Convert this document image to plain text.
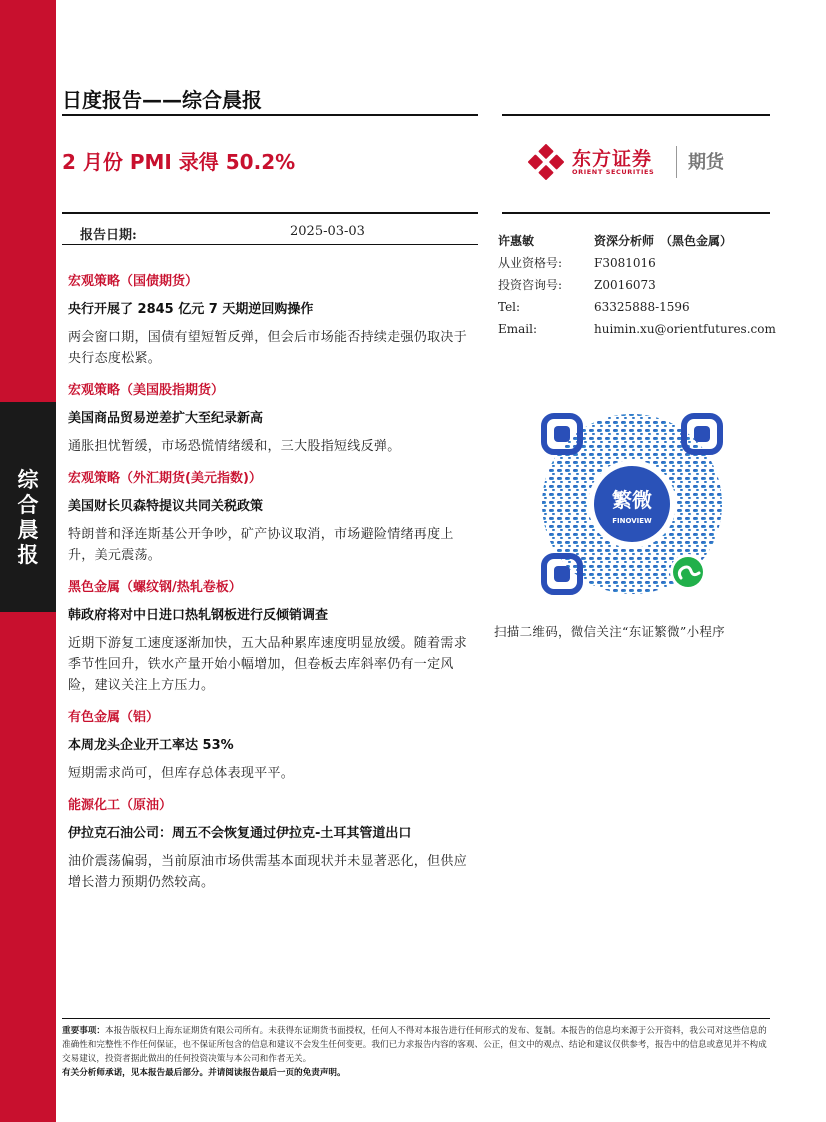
综
合
晨
报
日度报告——综合晨报
2 月份 PMI 录得 50.2%	东方证券
ORIENT SECURITIES 期货
报告日期:	2025-03-03
宏观策略（国债期货）
央行开展了 2845 亿元 7 天期逆回购操作
两会窗口期，国债有望短暂反弹，但会后市场能否持续走强仍取决于央行态度松紧。
宏观策略（美国股指期货）
美国商品贸易逆差扩大至纪录新高
通胀担忧暂缓，市场恐慌情绪缓和，三大股指短线反弹。
宏观策略（外汇期货(美元指数)）
美国财长贝森特提议共同关税政策
特朗普和泽连斯基公开争吵，矿产协议取消，市场避险情绪再度上升，美元震荡。
黑色金属（螺纹钢/热轧卷板）
韩政府将对中日进口热轧钢板进行反倾销调查
近期下游复工速度逐渐加快，五大品种累库速度明显放缓。随着需求季节性回升，铁水产量开始小幅增加，但卷板去库斜率仍有一定风险，建议关注上方压力。
有色金属（铝）
本周龙头企业开工率达 53%
短期需求尚可，但库存总体表现平平。
能源化工（原油）
伊拉克石油公司：周五不会恢复通过伊拉克-土耳其管道出口
油价震荡偏弱，当前原油市场供需基本面现状并未显著恶化，但供应增长潜力预期仍然较高。
许惠敏	资深分析师　（黑色金属）
从业资格号:	F3081016
投资咨询号:	Z0016073
Tel:	63325888-1596
Email:	huimin.xu@orientfutures.com
繁微
FINOVIEW
扫描二维码，微信关注“东证繁微”小程序
重要事项：本报告版权归上海东证期货有限公司所有。未获得东证期货书面授权，任何人不得对本报告进行任何形式的发布、复制。本报告的信息均来源于公开资料，我公司对这些信息的准确性和完整性不作任何保证，也不保证所包含的信息和建议不会发生任何变更。我们已力求报告内容的客观、公正，但文中的观点、结论和建议仅供参考，报告中的信息或意见并不构成交易建议，投资者据此做出的任何投资决策与本公司和作者无关。
有关分析师承诺，见本报告最后部分。并请阅读报告最后一页的免责声明。
